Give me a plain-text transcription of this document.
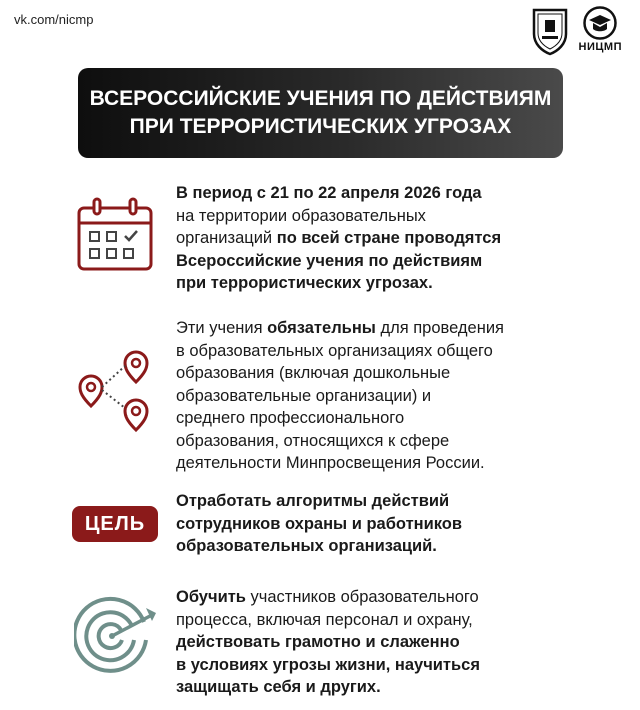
vk.com/nicmp
НИЦМП
ВСЕРОССИЙСКИЕ УЧЕНИЯ ПО ДЕЙСТВИЯМ
ПРИ ТЕРРОРИСТИЧЕСКИХ УГРОЗАХ
В период с 21 по 22 апреля 2026 года
на территории образовательных
организаций по всей стране проводятся
Всероссийские учения по действиям
при террористических угрозах.
Эти учения обязательны для проведения
в образовательных организациях общего
образования (включая дошкольные
образовательные организации) и
среднего профессионального
образования, относящихся к сфере
деятельности Минпросвещения России.
ЦЕЛЬ
Отработать алгоритмы действий
сотрудников охраны и работников
образовательных организаций.
Обучить участников образовательного
процесса, включая персонал и охрану,
действовать грамотно и слаженно
в условиях угрозы жизни, научиться
защищать себя и других.
